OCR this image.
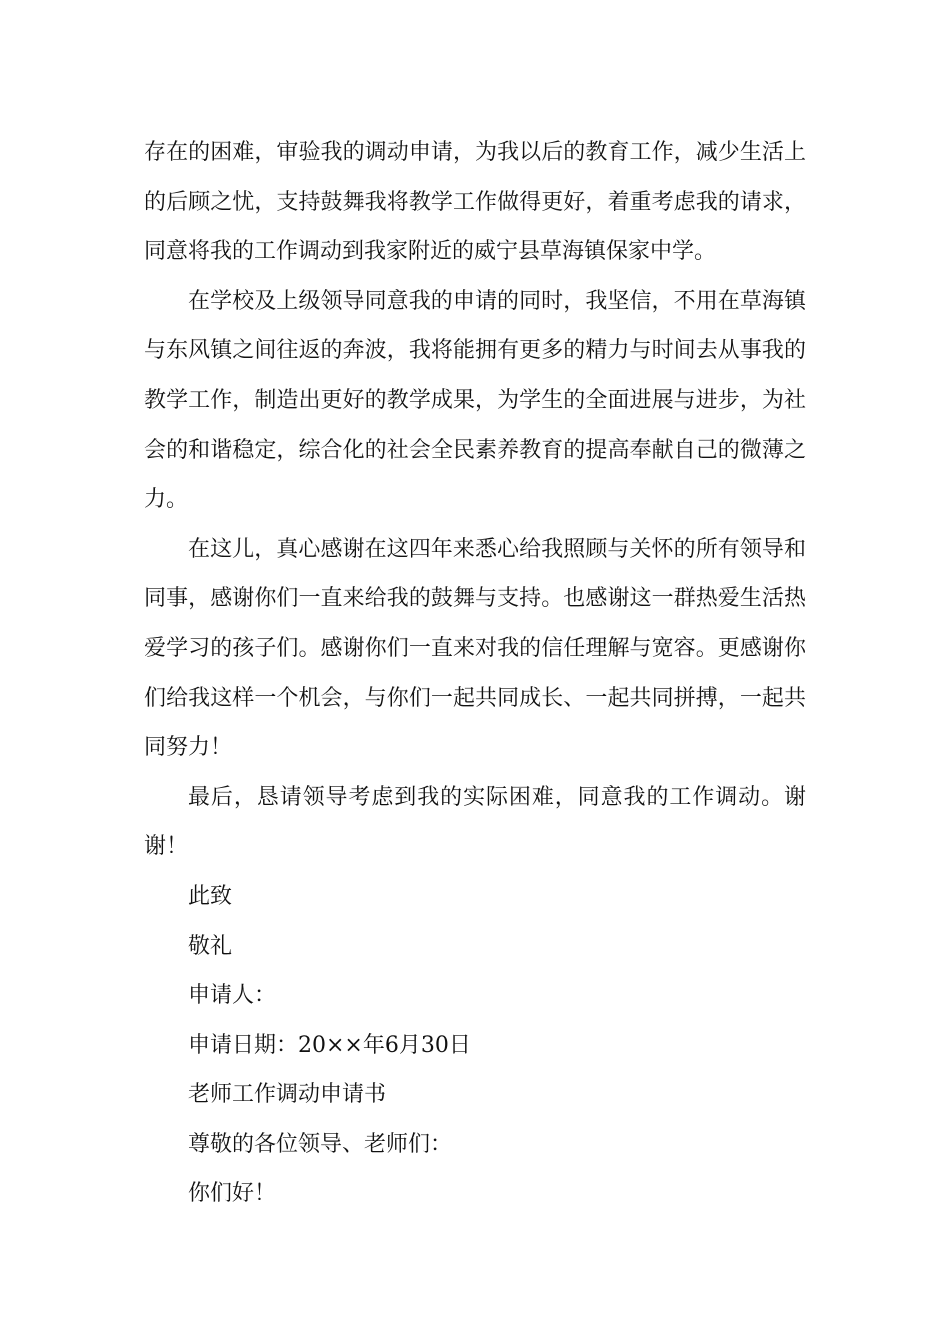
存在的困难，审验我的调动申请，为我以后的教育工作，减少生活上的后顾之忧，支持鼓舞我将教学工作做得更好，着重考虑我的请求，同意将我的工作调动到我家附近的威宁县草海镇保家中学。

在学校及上级领导同意我的申请的同时，我坚信，不用在草海镇与东风镇之间往返的奔波，我将能拥有更多的精力与时间去从事我的教学工作，制造出更好的教学成果，为学生的全面进展与进步，为社会的和谐稳定，综合化的社会全民素养教育的提高奉献自己的微薄之力。

在这儿，真心感谢在这四年来悉心给我照顾与关怀的所有领导和同事，感谢你们一直来给我的鼓舞与支持。也感谢这一群热爱生活热爱学习的孩子们。感谢你们一直来对我的信任理解与宽容。更感谢你们给我这样一个机会，与你们一起共同成长、一起共同拼搏，一起共同努力！

最后，恳请领导考虑到我的实际困难，同意我的工作调动。谢谢！

此致

敬礼

申请人：

申请日期：20××年6月30日

老师工作调动申请书

尊敬的各位领导、老师们：

你们好！
